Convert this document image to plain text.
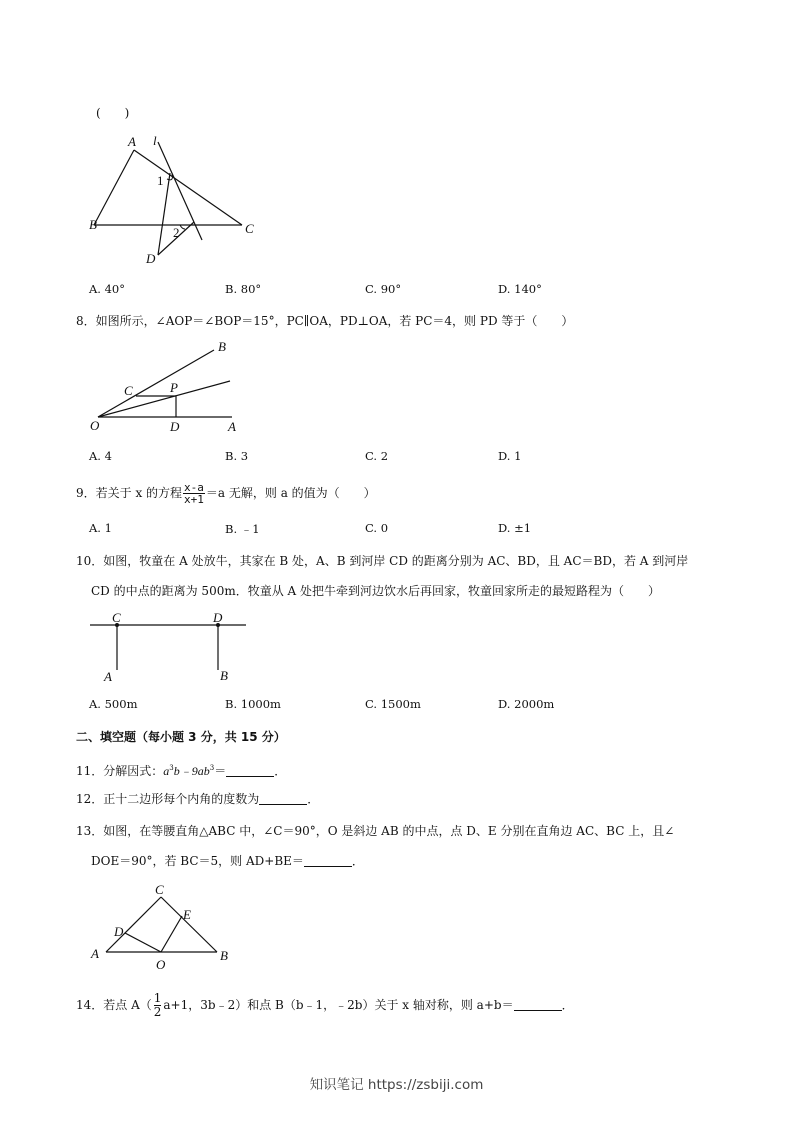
(　　)
A l
1
2
B	C
D
A. 40°	B. 80°	C. 90°	D. 140°
8．如图所示，∠AOP＝∠BOP＝15°，PC∥OA，PD⊥OA，若 PC＝4，则 PD 等于（　　）
B
C	P
O	D	A
A. 4	B. 3	C. 2	D. 1
9．若关于 x 的方程 $\frac{x-a}{x+1} =a$ 无解，则 a 的值为（　　）
A. 1	B. ﹣1	C. 0	D. ±1
10．如图，牧童在 A 处放牛，其家在 B 处，A、B 到河岸 CD 的距离分别为 AC、BD，且 AC＝BD，若 A 到河岸
CD 的中点的距离为 500m．牧童从 A 处把牛牵到河边饮水后再回家，牧童回家所走的最短路程为（　　）
C	D
A	B
A. 500m	B. 1000m	C. 1500m	D. 2000m
二、填空题（每小题 3 分，共 15 分）
11．分解因式：$a^3b﹣9ab^3=$	．
12．正十二边形每个内角的度数为	．
13．如图，在等腰直角△ABC 中，∠C＝90°，O 是斜边 AB 的中点，点 D、E 分别在直角边 AC、BC 上，且∠
DOE＝90°，若 BC＝5，则 AD+BE＝	．
C
E
D
A
O
B
14．若点 $A( \frac{1}{2} a+1$，3b﹣2）和点 B（b﹣1，﹣2b）关于 x 轴对称，则 a+b＝	．
知识笔记 https://zsbiji.com
